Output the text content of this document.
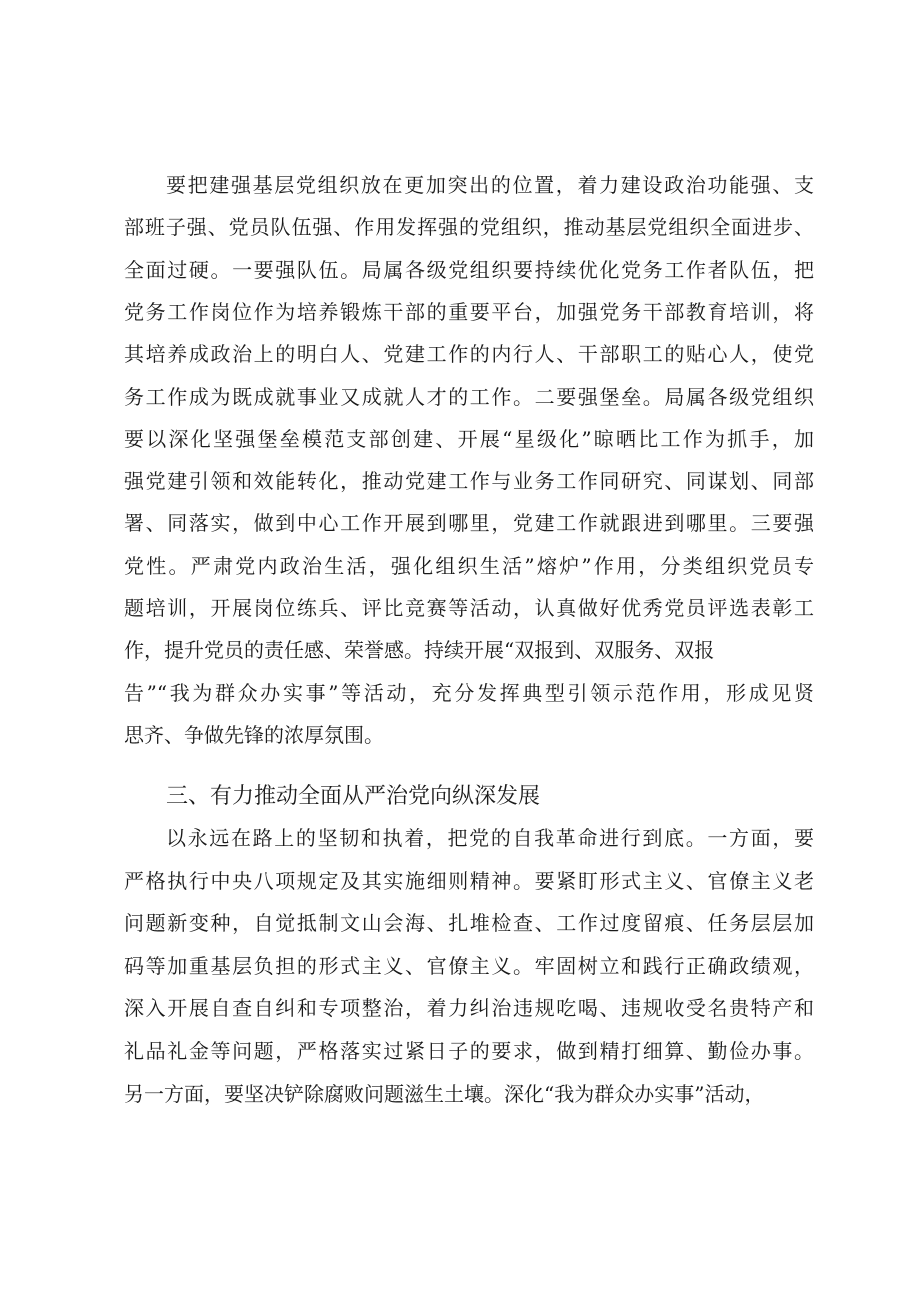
要把建强基层党组织放在更加突出的位置，着力建设政治功能强、支
部班子强、党员队伍强、作用发挥强的党组织，推动基层党组织全面进步、
全面过硬。一要强队伍。局属各级党组织要持续优化党务工作者队伍，把
党务工作岗位作为培养锻炼干部的重要平台，加强党务干部教育培训，将
其培养成政治上的明白人、党建工作的内行人、干部职工的贴心人，使党
务工作成为既成就事业又成就人才的工作。二要强堡垒。局属各级党组织
要以深化坚强堡垒模范支部创建、开展“星级化”晾晒比工作为抓手，加
强党建引领和效能转化，推动党建工作与业务工作同研究、同谋划、同部
署、同落实，做到中心工作开展到哪里，党建工作就跟进到哪里。三要强
党性。严肃党内政治生活，强化组织生活”熔炉”作用，分类组织党员专
题培训，开展岗位练兵、评比竞赛等活动，认真做好优秀党员评选表彰工
作，提升党员的责任感、荣誉感。持续开展“双报到、双服务、双报
告”“我为群众办实事”等活动，充分发挥典型引领示范作用，形成见贤
思齐、争做先锋的浓厚氛围。
三、有力推动全面从严治党向纵深发展
以永远在路上的坚韧和执着，把党的自我革命进行到底。一方面，要
严格执行中央八项规定及其实施细则精神。要紧盯形式主义、官僚主义老
问题新变种，自觉抵制文山会海、扎堆检查、工作过度留痕、任务层层加
码等加重基层负担的形式主义、官僚主义。牢固树立和践行正确政绩观，
深入开展自查自纠和专项整治，着力纠治违规吃喝、违规收受名贵特产和
礼品礼金等问题，严格落实过紧日子的要求，做到精打细算、勤俭办事。
另一方面，要坚决铲除腐败问题滋生土壤。深化“我为群众办实事”活动，
